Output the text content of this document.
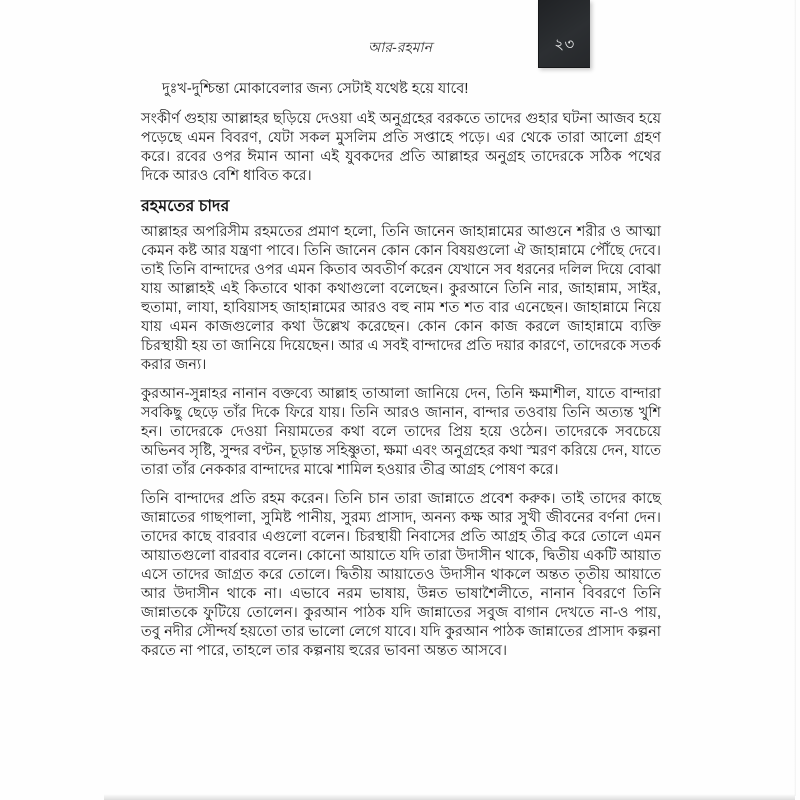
২৩
আর-রহমান

দুঃখ-দুশ্চিন্তা মোকাবেলার জন্য সেটাই যথেষ্ট হয়ে যাবে!

সংকীর্ণ গুহায় আল্লাহর ছড়িয়ে দেওয়া এই অনুগ্রহের বরকতে তাদের গুহার ঘটনা আজব হয়ে পড়েছে এমন বিবরণ, যেটা সকল মুসলিম প্রতি সপ্তাহে পড়ে। এর থেকে তারা আলো গ্রহণ করে। রবের ওপর ঈমান আনা এই যুবকদের প্রতি আল্লাহর অনুগ্রহ তাদেরকে সঠিক পথের দিকে আরও বেশি ধাবিত করে।

রহমতের চাদর

আল্লাহর অপরিসীম রহমতের প্রমাণ হলো, তিনি জানেন জাহান্নামের আগুনে শরীর ও আত্মা কেমন কষ্ট আর যন্ত্রণা পাবে। তিনি জানেন কোন কোন বিষয়গুলো ঐ জাহান্নামে পৌঁছে দেবে। তাই তিনি বান্দাদের ওপর এমন কিতাব অবতীর্ণ করেন যেখানে সব ধরনের দলিল দিয়ে বোঝা যায় আল্লাহই এই কিতাবে থাকা কথাগুলো বলেছেন। কুরআনে তিনি নার, জাহান্নাম, সাইর, হুতামা, লাযা, হাবিয়াসহ জাহান্নামের আরও বহু নাম শত শত বার এনেছেন। জাহান্নামে নিয়ে যায় এমন কাজগুলোর কথা উল্লেখ করেছেন। কোন কোন কাজ করলে জাহান্নামে ব্যক্তি চিরস্থায়ী হয় তা জানিয়ে দিয়েছেন। আর এ সবই বান্দাদের প্রতি দয়ার কারণে, তাদেরকে সতর্ক করার জন্য।

কুরআন-সুন্নাহর নানান বক্তব্যে আল্লাহ তাআলা জানিয়ে দেন, তিনি ক্ষমাশীল, যাতে বান্দারা সবকিছু ছেড়ে তাঁর দিকে ফিরে যায়। তিনি আরও জানান, বান্দার তওবায় তিনি অত্যন্ত খুশি হন। তাদেরকে দেওয়া নিয়ামতের কথা বলে তাদের প্রিয় হয়ে ওঠেন। তাদেরকে সবচেয়ে অভিনব সৃষ্টি, সুন্দর বণ্টন, চূড়ান্ত সহিষ্ণুতা, ক্ষমা এবং অনুগ্রহের কথা স্মরণ করিয়ে দেন, যাতে তারা তাঁর নেককার বান্দাদের মাঝে শামিল হওয়ার তীব্র আগ্রহ পোষণ করে।

তিনি বান্দাদের প্রতি রহম করেন। তিনি চান তারা জান্নাতে প্রবেশ করুক। তাই তাদের কাছে জান্নাতের গাছপালা, সুমিষ্ট পানীয়, সুরম্য প্রাসাদ, অনন্য কক্ষ আর সুখী জীবনের বর্ণনা দেন। তাদের কাছে বারবার এগুলো বলেন। চিরস্থায়ী নিবাসের প্রতি আগ্রহ তীব্র করে তোলে এমন আয়াতগুলো বারবার বলেন। কোনো আয়াতে যদি তারা উদাসীন থাকে, দ্বিতীয় একটি আয়াত এসে তাদের জাগ্রত করে তোলে। দ্বিতীয় আয়াতেও উদাসীন থাকলে অন্তত তৃতীয় আয়াতে আর উদাসীন থাকে না। এভাবে নরম ভাষায়, উন্নত ভাষাশৈলীতে, নানান বিবরণে তিনি জান্নাতকে ফুটিয়ে তোলেন। কুরআন পাঠক যদি জান্নাতের সবুজ বাগান দেখতে না-ও পায়, তবু নদীর সৌন্দর্য হয়তো তার ভালো লেগে যাবে। যদি কুরআন পাঠক জান্নাতের প্রাসাদ কল্পনা করতে না পারে, তাহলে তার কল্পনায় হুরের ভাবনা অন্তত আসবে।
